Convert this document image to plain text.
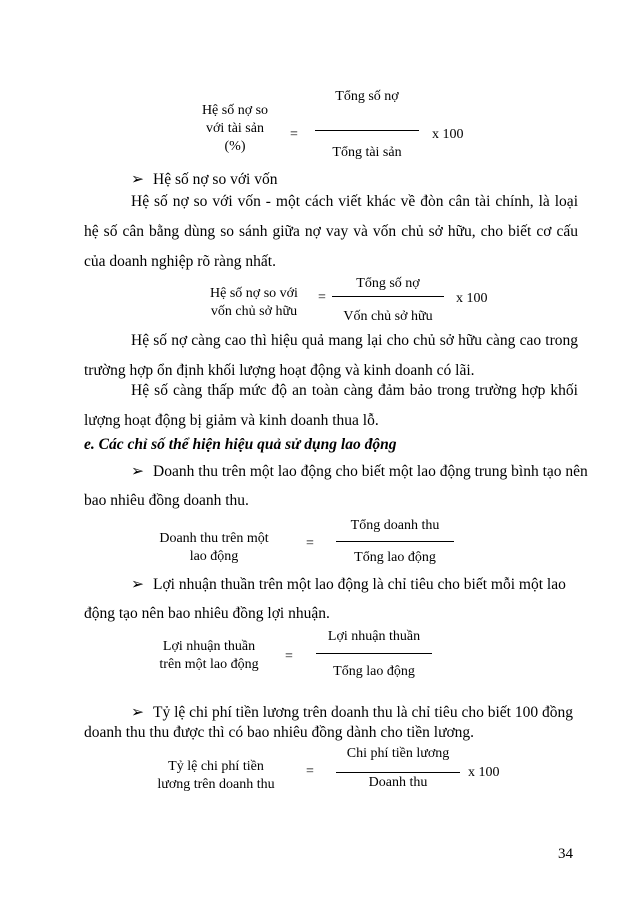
Hệ số nợ so
với tài sản
(%)
=
Tổng số nợ
Tổng tài sản
x 100
➢ Hệ số nợ so với vốn
Hệ số nợ so với vốn - một cách viết khác về đòn cân tài chính, là loại hệ số cân bằng dùng so sánh giữa nợ vay và vốn chủ sở hữu, cho biết cơ cấu của doanh nghiệp rõ ràng nhất.
Hệ số nợ so với
vốn chủ sở hữu
=
Tổng số nợ
Vốn chủ sở hữu
x 100
Hệ số nợ càng cao thì hiệu quả mang lại cho chủ sở hữu càng cao trong trường hợp ổn định khối lượng hoạt động và kinh doanh có lãi.
Hệ số càng thấp mức độ an toàn càng đảm bảo trong trường hợp khối lượng hoạt động bị giảm và kinh doanh thua lỗ.
e. Các chỉ số thể hiện hiệu quả sử dụng lao động
➢ Doanh thu trên một lao động cho biết một lao động trung bình tạo nên
bao nhiêu đồng doanh thu.
Doanh thu trên một
lao động
=
Tổng doanh thu
Tổng lao động
➢ Lợi nhuận thuần trên một lao động là chỉ tiêu cho biết mỗi một lao
động tạo nên bao nhiêu đồng lợi nhuận.
Lợi nhuận thuần
trên một lao động
=
Lợi nhuận thuần
Tổng lao động
➢ Tỷ lệ chi phí tiền lương trên doanh thu là chỉ tiêu cho biết 100 đồng
doanh thu thu được thì có bao nhiêu đồng dành cho tiền lương.
Tỷ lệ chi phí tiền
lương trên doanh thu
=
Chi phí tiền lương
Doanh thu
x 100
34
